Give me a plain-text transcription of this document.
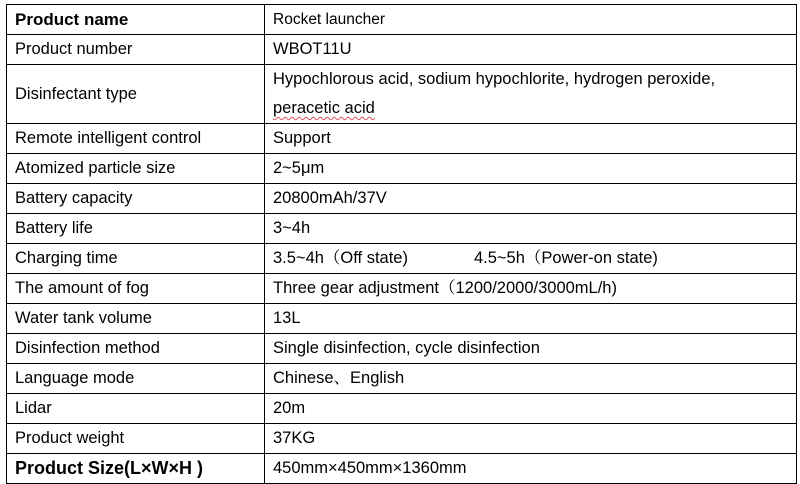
Product name	Rocket launcher
Product number	WBOT11U
Disinfectant type	Hypochlorous acid, sodium hypochlorite, hydrogen peroxide,
peracetic acid
Remote intelligent control	Support
Atomized particle size	2~5μm
Battery capacity	20800mAh/37V
Battery life	3~4h
Charging time	3.5~4h（Off state) 4.5~5h（Power-on state)
The amount of fog	Three gear adjustment（1200/2000/3000mL/h)
Water tank volume	13L
Disinfection method	Single disinfection, cycle disinfection
Language mode	Chinese、English
Lidar	20m
Product weight	37KG
Product Size(L×W×H )	450mm×450mm×1360mm
